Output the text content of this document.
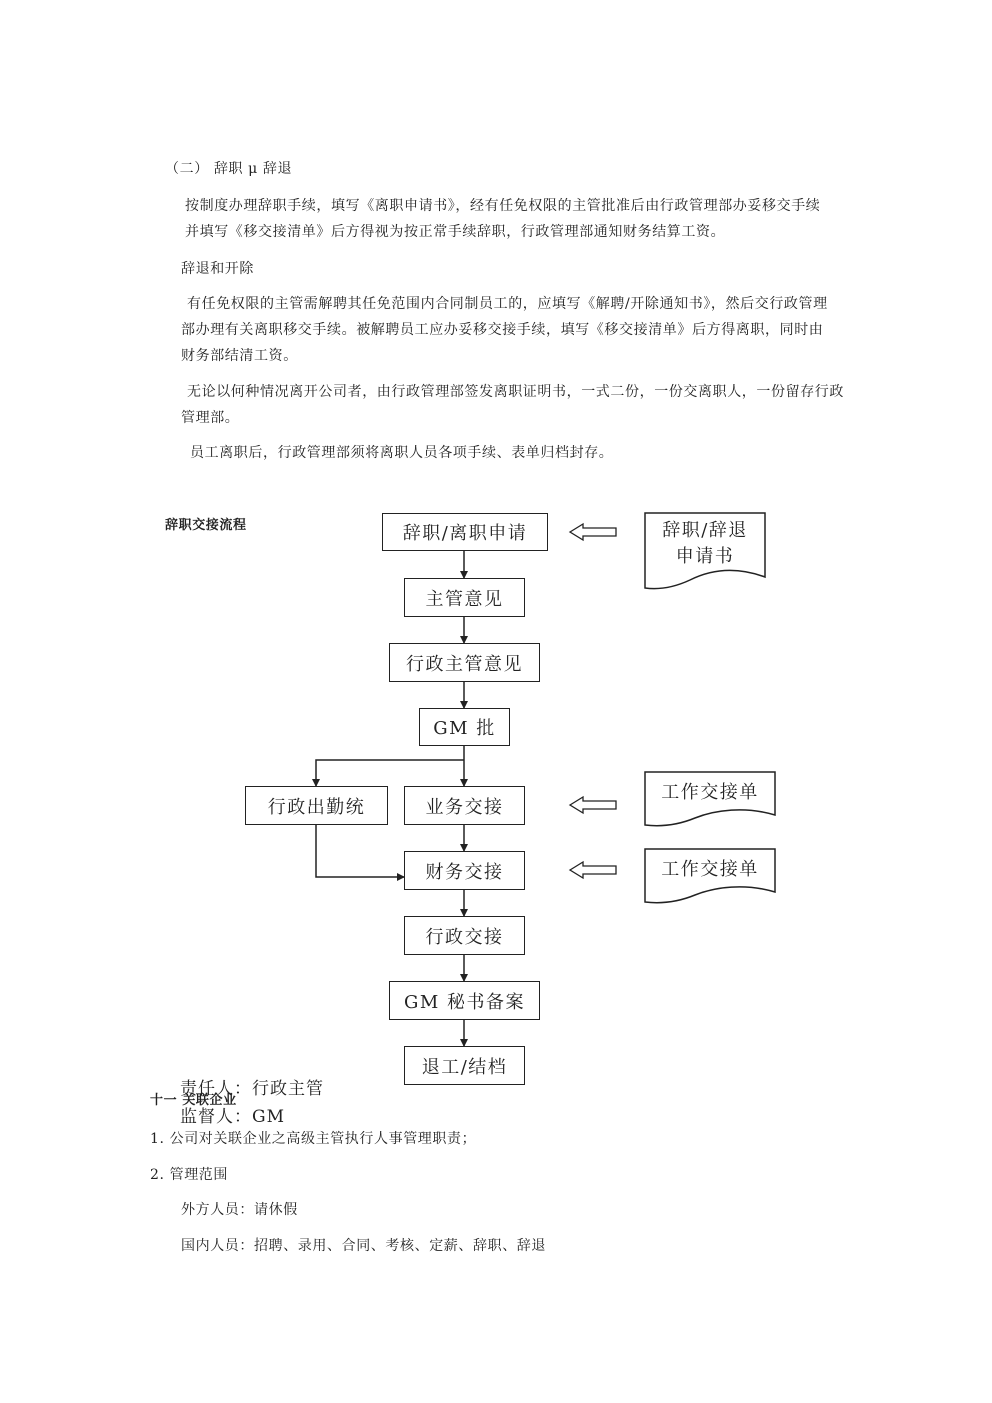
（二） 辞职 μ 辞退
按制度办理辞职手续，填写《离职申请书》，经有任免权限的主管批准后由行政管理部办妥移交手续
并填写《移交接清单》后方得视为按正常手续辞职，行政管理部通知财务结算工资。
辞退和开除
有任免权限的主管需解聘其任免范围内合同制员工的，应填写《解聘/开除通知书》，然后交行政管理
部办理有关离职移交手续。被解聘员工应办妥移交接手续，填写《移交接清单》后方得离职，同时由
财务部结清工资。
无论以何种情况离开公司者，由行政管理部签发离职证明书，一式二份，一份交离职人，一份留存行政
管理部。
员工离职后，行政管理部须将离职人员各项手续、表单归档封存。
辞职交接流程	辞职/离职申请
主管意见
行政主管意见
GM 批
行政出勤统	业务交接
财务交接
行政交接
GM 秘书备案
退工/结档
辞职/辞退
申请书
工作交接单
工作交接单
责任人：行政主管
监督人：GM
十一 关联企业
1. 公司对关联企业之高级主管执行人事管理职责；
2. 管理范围
外方人员：请休假
国内人员：招聘、录用、合同、考核、定薪、辞职、辞退
